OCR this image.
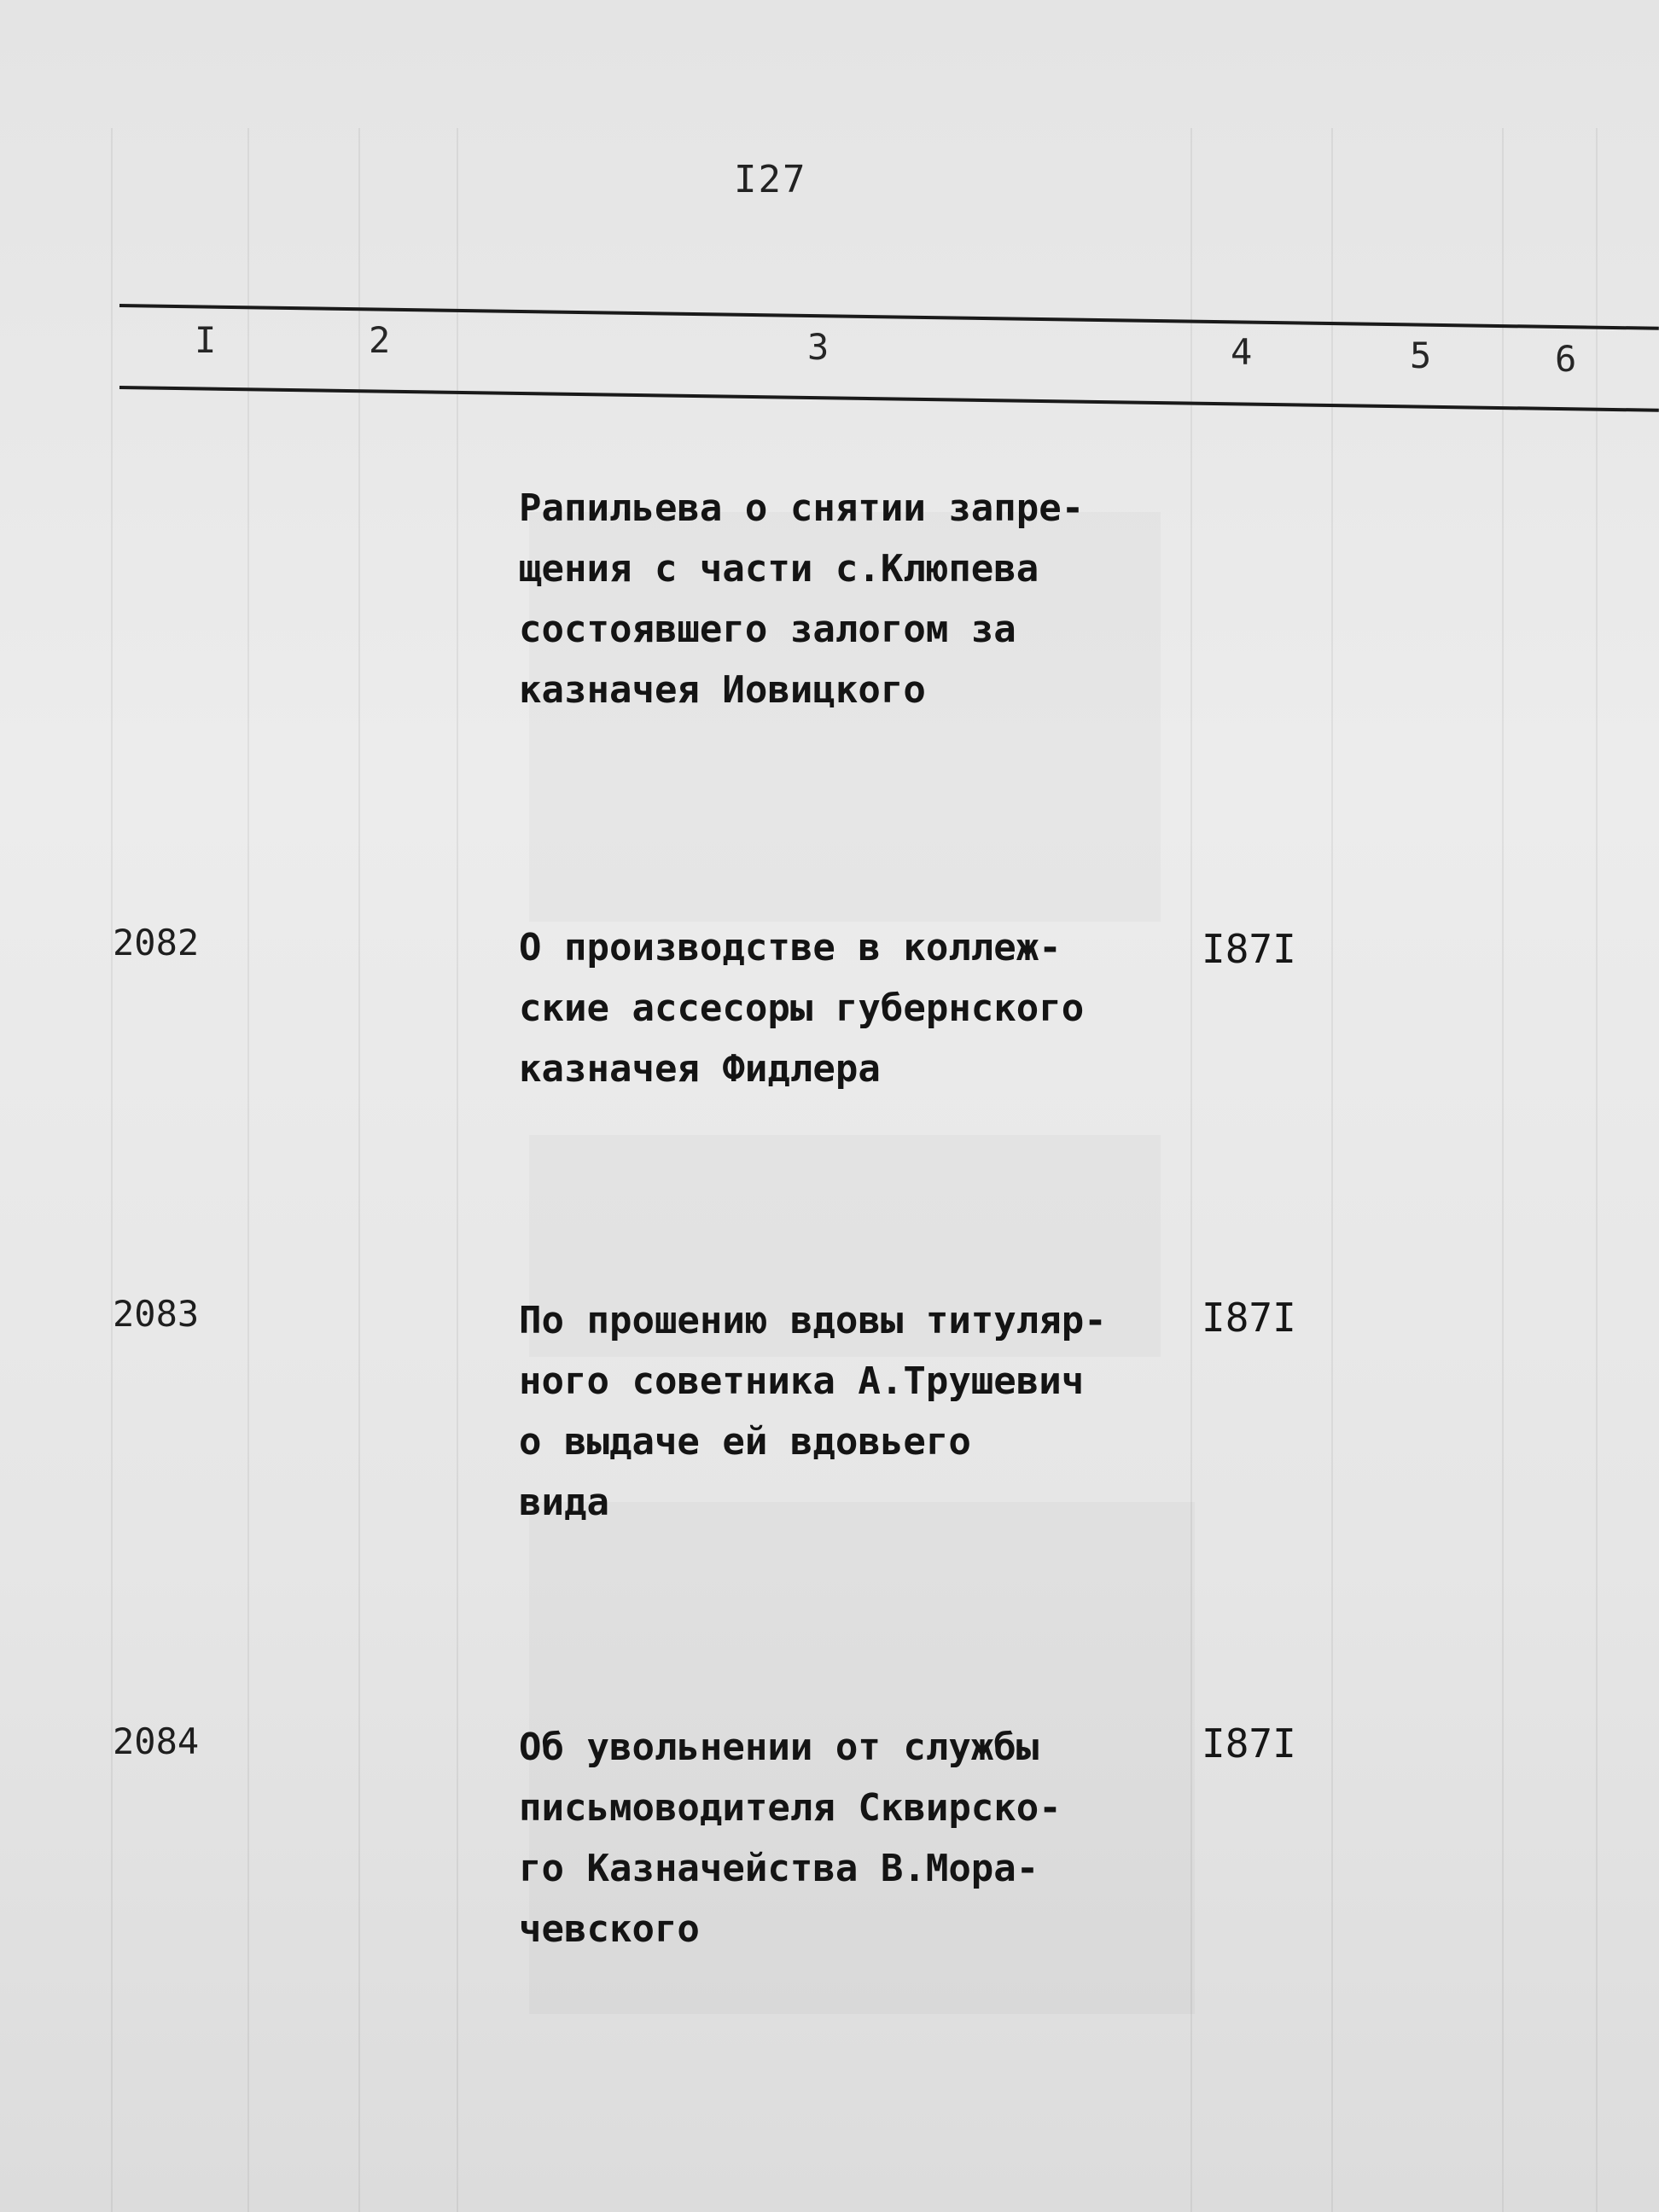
I27
I	2	3	4	5	6
Рапильева о снятии запре-
щения с части с.Клюпева
состоявшего залогом за
казначея Иовицкого
2082	О производстве в коллеж-
ские ассесоры губернского
казначея Фидлера
I87I
2083	По прошению вдовы титуляр-
ного советника А.Трушевич
о выдаче ей вдовьего
вида
I87I
2084	Об увольнении от службы
письмоводителя Сквирско-
го Казначейства В.Мора-
чевского
I87I
